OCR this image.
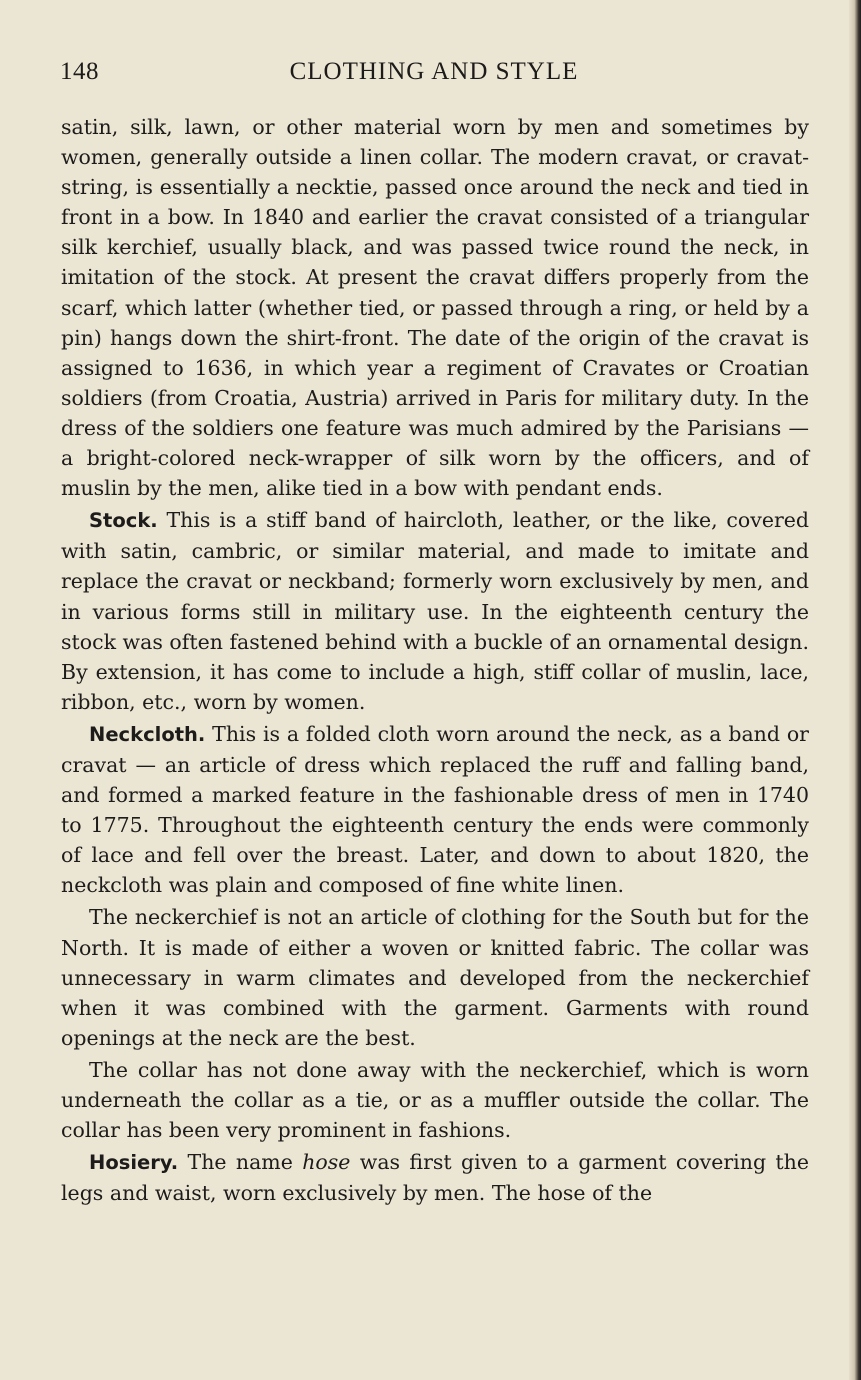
148	CLOTHING AND STYLE

satin, silk, lawn, or other material worn by men and sometimes by women, generally outside a linen collar. The modern cravat, or cravat-string, is essentially a necktie, passed once around the neck and tied in front in a bow. In 1840 and earlier the cravat consisted of a triangular silk kerchief, usually black, and was passed twice round the neck, in imitation of the stock. At present the cravat differs properly from the scarf, which latter (whether tied, or passed through a ring, or held by a pin) hangs down the shirt-front. The date of the origin of the cravat is assigned to 1636, in which year a regiment of Cravates or Croatian soldiers (from Croatia, Austria) arrived in Paris for military duty. In the dress of the soldiers one feature was much admired by the Parisians — a bright-colored neck-wrapper of silk worn by the officers, and of muslin by the men, alike tied in a bow with pendant ends.

Stock. This is a stiff band of haircloth, leather, or the like, covered with satin, cambric, or similar material, and made to imitate and replace the cravat or neckband; formerly worn exclusively by men, and in various forms still in military use. In the eighteenth century the stock was often fastened behind with a buckle of an ornamental design. By extension, it has come to include a high, stiff collar of muslin, lace, ribbon, etc., worn by women.

Neckcloth. This is a folded cloth worn around the neck, as a band or cravat — an article of dress which replaced the ruff and falling band, and formed a marked feature in the fashionable dress of men in 1740 to 1775. Throughout the eighteenth century the ends were commonly of lace and fell over the breast. Later, and down to about 1820, the neckcloth was plain and composed of fine white linen.

The neckerchief is not an article of clothing for the South but for the North. It is made of either a woven or knitted fabric. The collar was unnecessary in warm climates and developed from the neckerchief when it was combined with the garment. Garments with round openings at the neck are the best.

The collar has not done away with the neckerchief, which is worn underneath the collar as a tie, or as a muffler outside the collar. The collar has been very prominent in fashions.

Hosiery. The name hose was first given to a garment covering the legs and waist, worn exclusively by men. The hose of the
